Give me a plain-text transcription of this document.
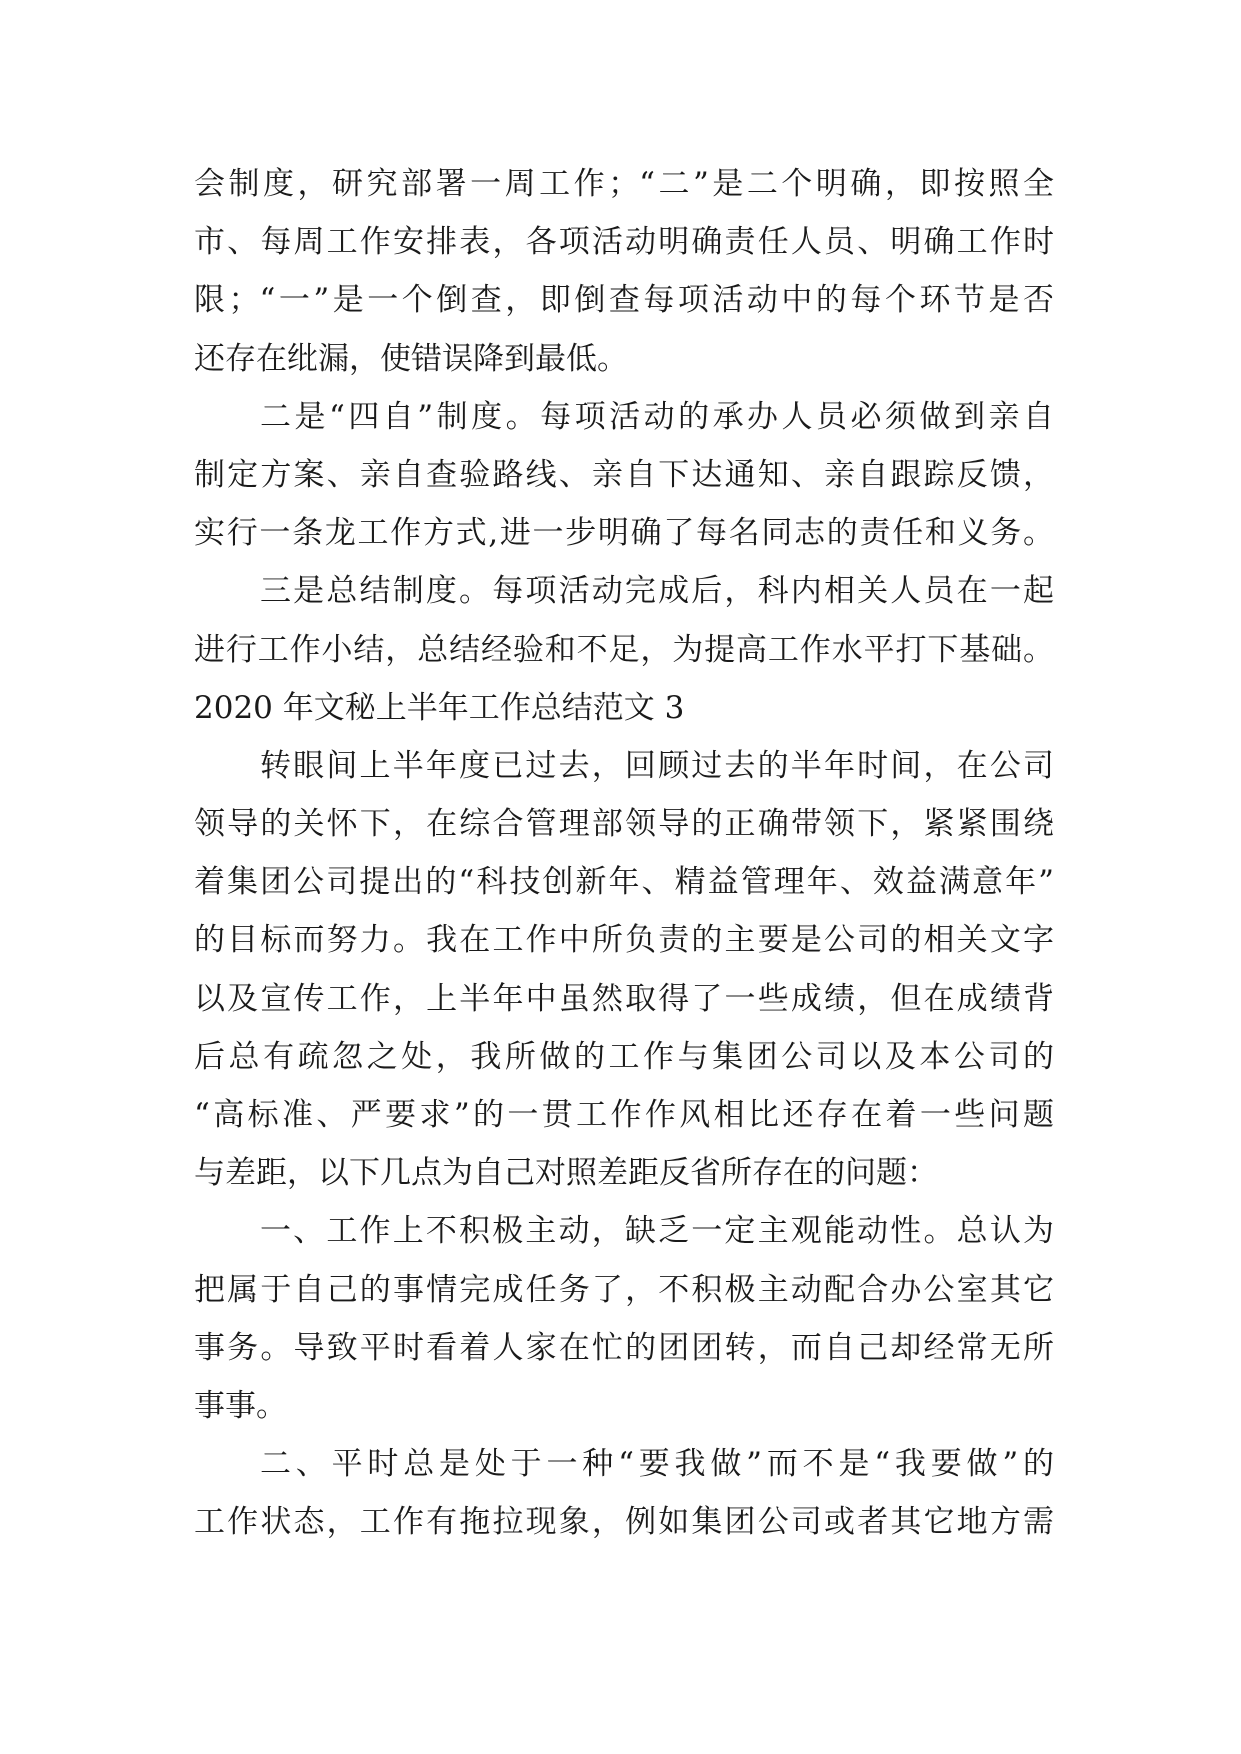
会制度，研究部署一周工作；“二”是二个明确，即按照全
市、每周工作安排表，各项活动明确责任人员、明确工作时
限；“一”是一个倒查，即倒查每项活动中的每个环节是否
还存在纰漏，使错误降到最低。
二是“四自”制度。每项活动的承办人员必须做到亲自
制定方案、亲自查验路线、亲自下达通知、亲自跟踪反馈，
实行一条龙工作方式,进一步明确了每名同志的责任和义务。
三是总结制度。每项活动完成后，科内相关人员在一起
进行工作小结，总结经验和不足，为提高工作水平打下基础。
2020 年文秘上半年工作总结范文 3
转眼间上半年度已过去，回顾过去的半年时间，在公司
领导的关怀下，在综合管理部领导的正确带领下，紧紧围绕
着集团公司提出的“科技创新年、精益管理年、效益满意年”
的目标而努力。我在工作中所负责的主要是公司的相关文字
以及宣传工作，上半年中虽然取得了一些成绩，但在成绩背
后总有疏忽之处，我所做的工作与集团公司以及本公司的
“高标准、严要求”的一贯工作作风相比还存在着一些问题
与差距，以下几点为自己对照差距反省所存在的问题：
一、工作上不积极主动，缺乏一定主观能动性。总认为
把属于自己的事情完成任务了，不积极主动配合办公室其它
事务。导致平时看着人家在忙的团团转，而自己却经常无所
事事。
二、平时总是处于一种“要我做”而不是“我要做”的
工作状态，工作有拖拉现象，例如集团公司或者其它地方需
